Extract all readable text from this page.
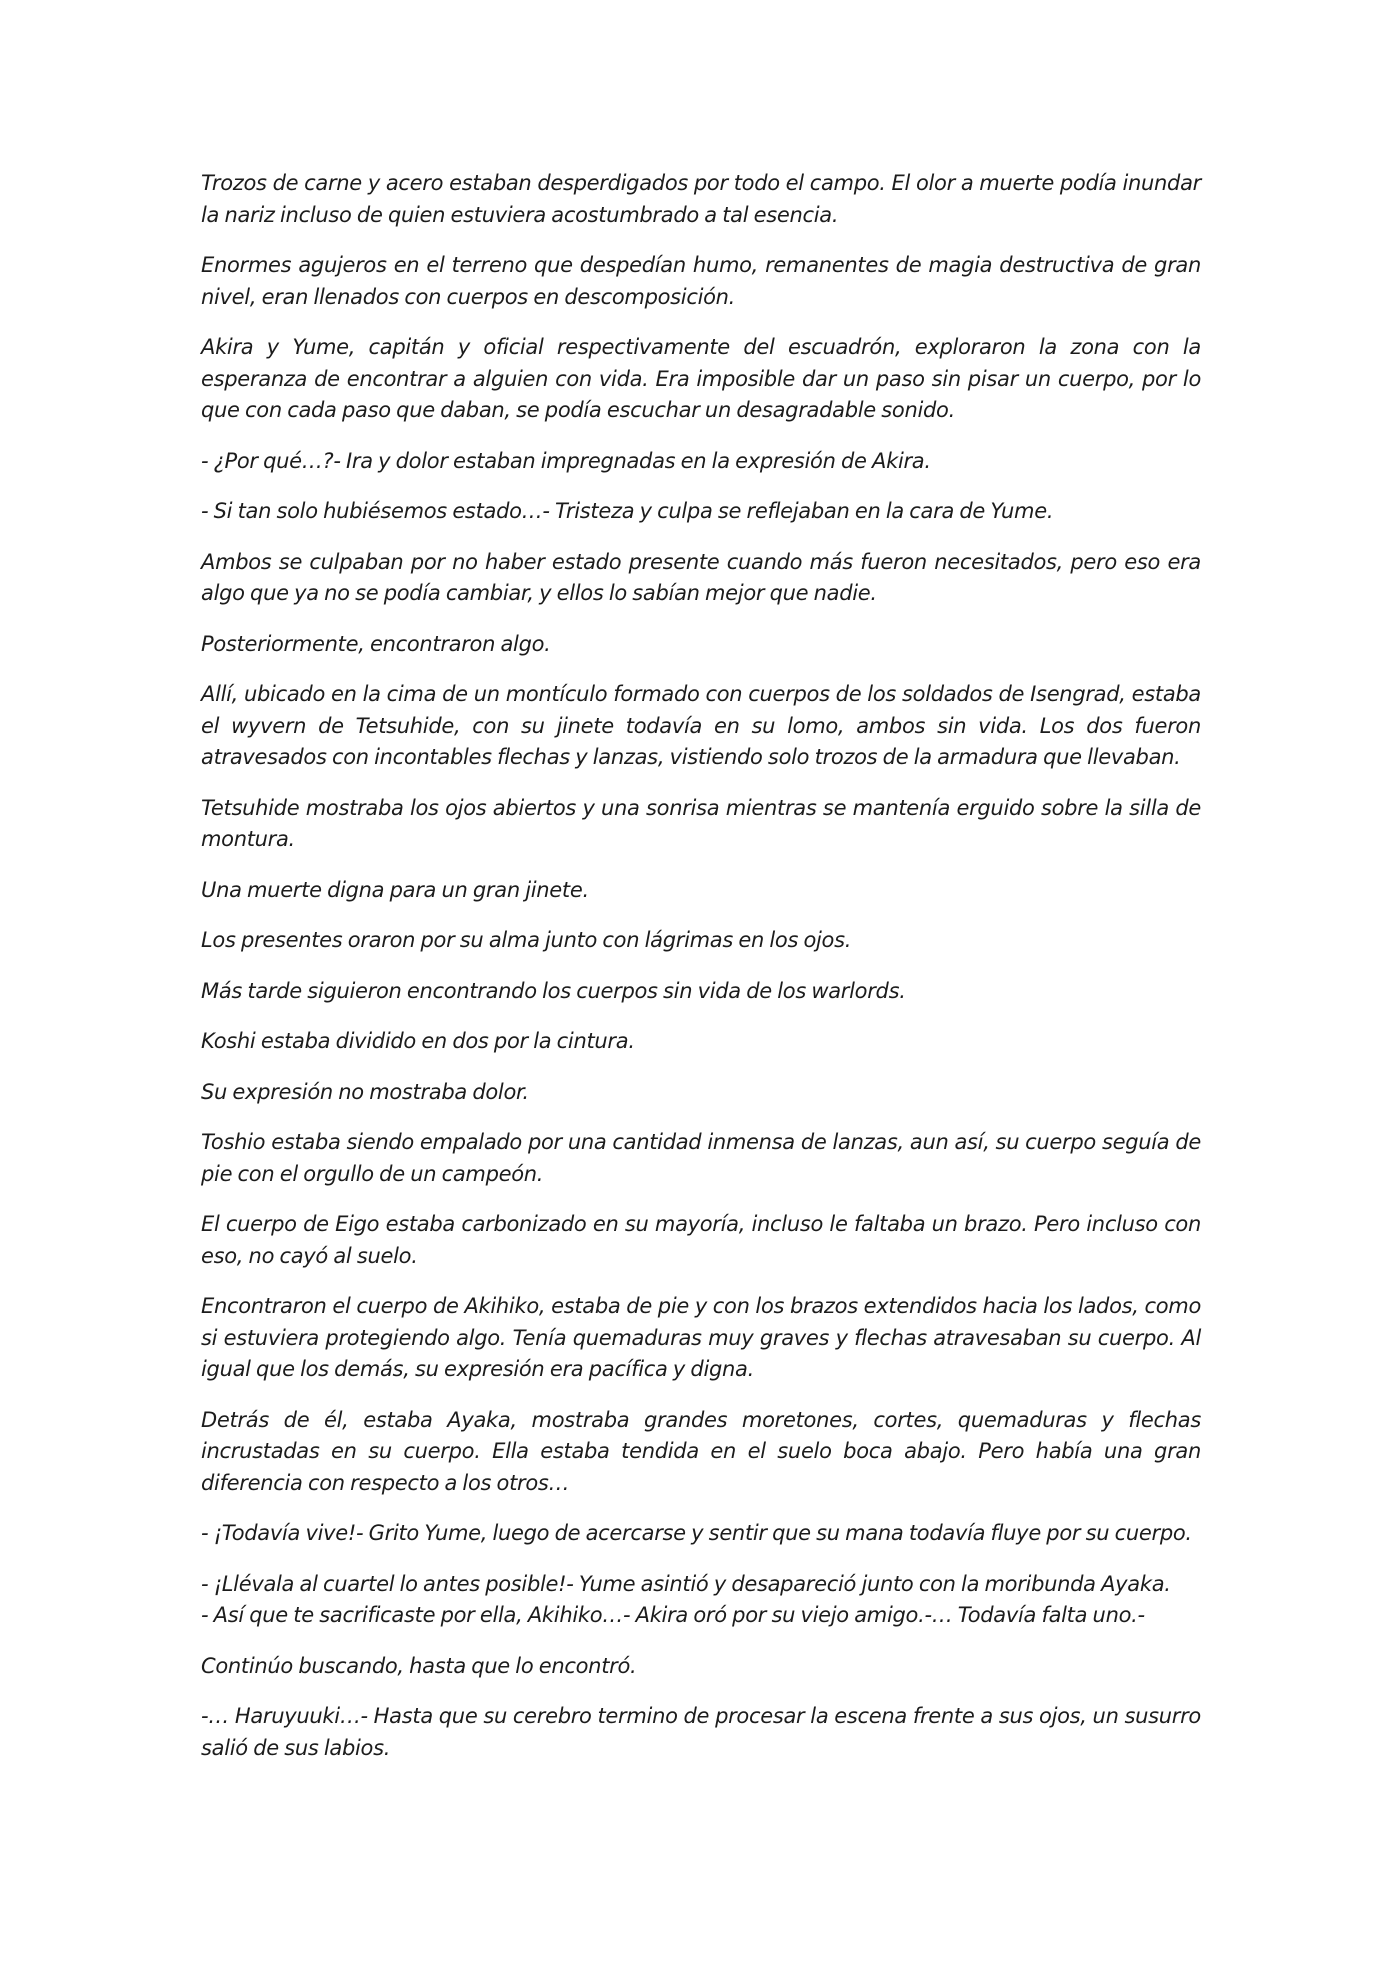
Trozos de carne y acero estaban desperdigados por todo el campo. El olor a muerte podía inundar la nariz incluso de quien estuviera acostumbrado a tal esencia.

Enormes agujeros en el terreno que despedían humo, remanentes de magia destructiva de gran nivel, eran llenados con cuerpos en descomposición.

Akira y Yume, capitán y oficial respectivamente del escuadrón, exploraron la zona con la esperanza de encontrar a alguien con vida. Era imposible dar un paso sin pisar un cuerpo, por lo que con cada paso que daban, se podía escuchar un desagradable sonido.

- ¿Por qué…?- Ira y dolor estaban impregnadas en la expresión de Akira.

- Si tan solo hubiésemos estado…- Tristeza y culpa se reflejaban en la cara de Yume.

Ambos se culpaban por no haber estado presente cuando más fueron necesitados, pero eso era algo que ya no se podía cambiar, y ellos lo sabían mejor que nadie.

Posteriormente, encontraron algo.

Allí, ubicado en la cima de un montículo formado con cuerpos de los soldados de Isengrad, estaba el wyvern de Tetsuhide, con su jinete todavía en su lomo, ambos sin vida. Los dos fueron atravesados con incontables flechas y lanzas, vistiendo solo trozos de la armadura que llevaban.

Tetsuhide mostraba los ojos abiertos y una sonrisa mientras se mantenía erguido sobre la silla de montura.

Una muerte digna para un gran jinete.

Los presentes oraron por su alma junto con lágrimas en los ojos.

Más tarde siguieron encontrando los cuerpos sin vida de los warlords.

Koshi estaba dividido en dos por la cintura.

Su expresión no mostraba dolor.

Toshio estaba siendo empalado por una cantidad inmensa de lanzas, aun así, su cuerpo seguía de pie con el orgullo de un campeón.

El cuerpo de Eigo estaba carbonizado en su mayoría, incluso le faltaba un brazo. Pero incluso con eso, no cayó al suelo.

Encontraron el cuerpo de Akihiko, estaba de pie y con los brazos extendidos hacia los lados, como si estuviera protegiendo algo. Tenía quemaduras muy graves y flechas atravesaban su cuerpo. Al igual que los demás, su expresión era pacífica y digna.

Detrás de él, estaba Ayaka, mostraba grandes moretones, cortes, quemaduras y flechas incrustadas en su cuerpo. Ella estaba tendida en el suelo boca abajo. Pero había una gran diferencia con respecto a los otros…

- ¡Todavía vive!- Grito Yume, luego de acercarse y sentir que su mana todavía fluye por su cuerpo.

- ¡Llévala al cuartel lo antes posible!- Yume asintió y desapareció junto con la moribunda Ayaka.

- Así que te sacrificaste por ella, Akihiko…- Akira oró por su viejo amigo.-… Todavía falta uno.-

Continúo buscando, hasta que lo encontró.

-… Haruyuuki…- Hasta que su cerebro termino de procesar la escena frente a sus ojos, un susurro salió de sus labios.
